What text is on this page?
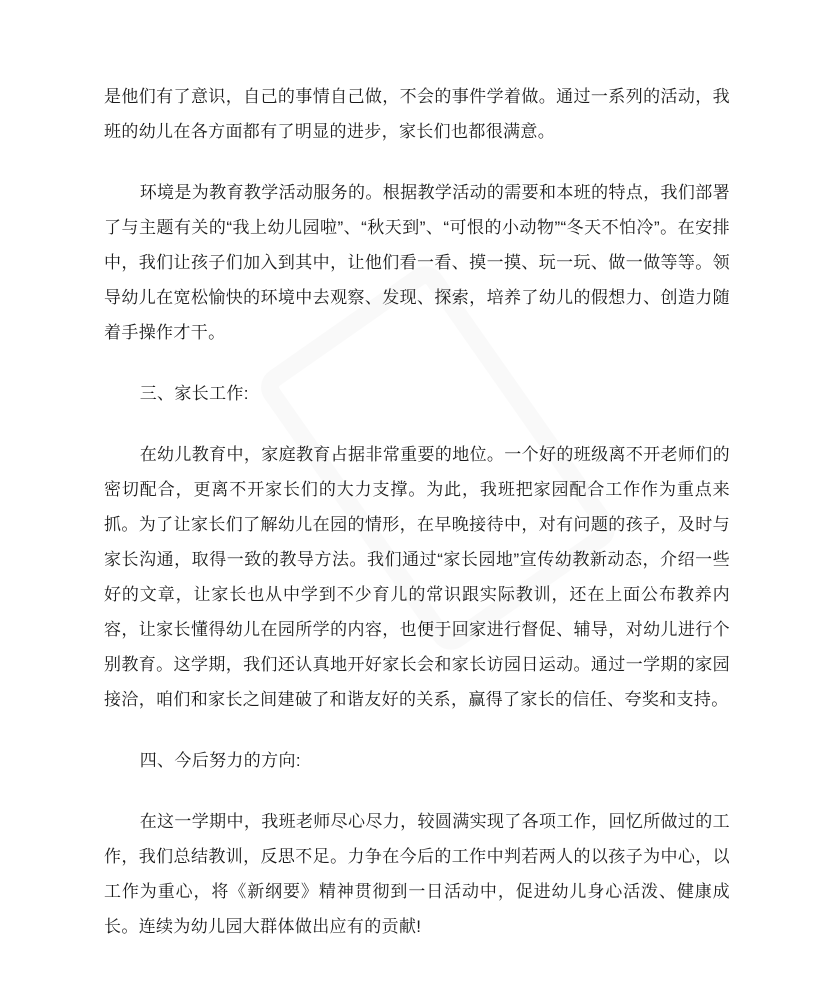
是他们有了意识，自己的事情自己做，不会的事件学着做。通过一系列的活动，我班的幼儿在各方面都有了明显的进步，家长们也都很满意。

环境是为教育教学活动服务的。根据教学活动的需要和本班的特点，我们部署了与主题有关的“我上幼儿园啦”、“秋天到”、“可恨的小动物”“冬天不怕冷”。在安排中，我们让孩子们加入到其中，让他们看一看、摸一摸、玩一玩、做一做等等。领导幼儿在宽松愉快的环境中去观察、发现、探索，培养了幼儿的假想力、创造力随着手操作才干。

三、家长工作:

在幼儿教育中，家庭教育占据非常重要的地位。一个好的班级离不开老师们的密切配合，更离不开家长们的大力支撑。为此，我班把家园配合工作作为重点来抓。为了让家长们了解幼儿在园的情形，在早晚接待中，对有问题的孩子，及时与家长沟通，取得一致的教导方法。我们通过“家长园地”宣传幼教新动态，介绍一些好的文章，让家长也从中学到不少育儿的常识跟实际教训，还在上面公布教养内容，让家长懂得幼儿在园所学的内容，也便于回家进行督促、辅导，对幼儿进行个别教育。这学期，我们还认真地开好家长会和家长访园日运动。通过一学期的家园接洽，咱们和家长之间建破了和谐友好的关系，赢得了家长的信任、夸奖和支持。

四、今后努力的方向:

在这一学期中，我班老师尽心尽力，较圆满实现了各项工作，回忆所做过的工作，我们总结教训，反思不足。力争在今后的工作中判若两人的以孩子为中心，以工作为重心，将《新纲要》精神贯彻到一日活动中，促进幼儿身心活泼、健康成长。连续为幼儿园大群体做出应有的贡献!
